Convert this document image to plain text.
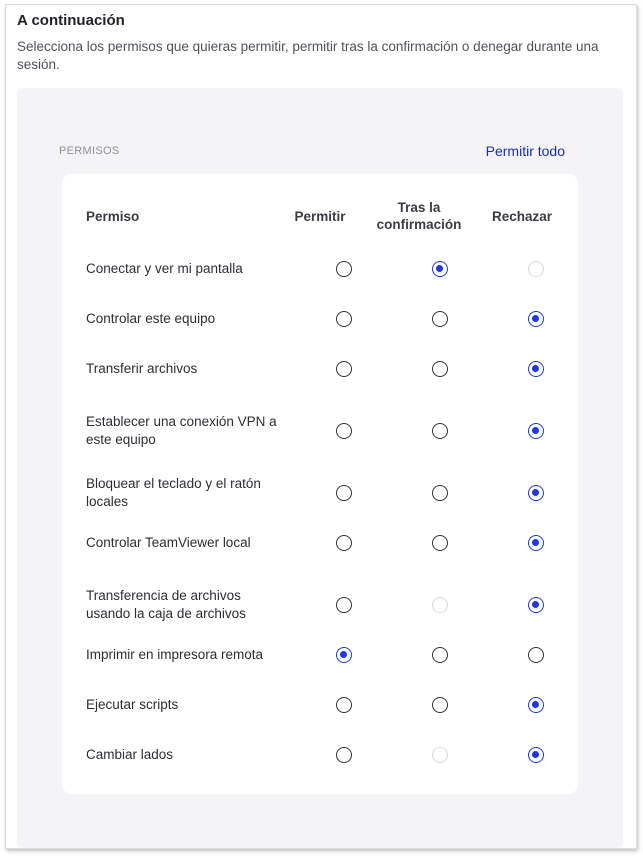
A continuación
Selecciona los permisos que quieras permitir, permitir tras la confirmación o denegar durante una sesión.
PERMISOS	Permitir todo
Permiso	Permitir
Tras la confirmación
Rechazar
Conectar y ver mi pantalla
Controlar este equipo
Transferir archivos
Establecer una conexión VPN a este equipo
Bloquear el teclado y el ratón locales
Controlar TeamViewer local
Transferencia de archivos usando la caja de archivos
Imprimir en impresora remota
Ejecutar scripts
Cambiar lados
